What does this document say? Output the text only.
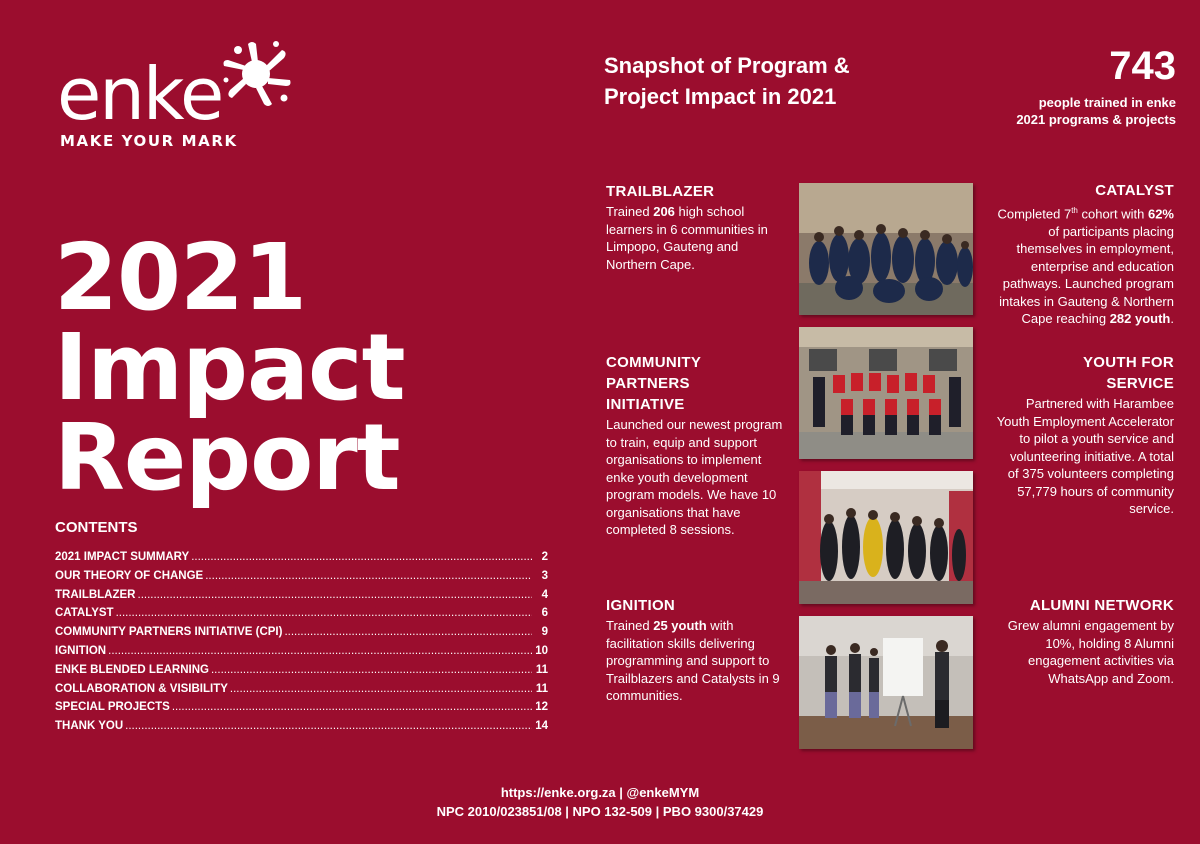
enke
MAKE YOUR MARK
2021
Impact
Report
CONTENTS
2021 IMPACT SUMMARY .....	2
OUR THEORY OF CHANGE .....	3
TRAILBLAZER .....	4
CATALYST .....	6
COMMUNITY PARTNERS INITIATIVE (CPI) .....	9
IGNITION .....	10
ENKE BLENDED LEARNING .....	11
COLLABORATION & VISIBILITY .....	11
SPECIAL PROJECTS .....	12
THANK YOU .....	14
Snapshot of Program &
Project Impact in 2021
743
people trained in enke
2021 programs & projects
TRAILBLAZER
Trained 206 high school learners in 6 communities in Limpopo, Gauteng and Northern Cape.
COMMUNITY
PARTNERS
INITIATIVE
Launched our newest program to train, equip and support organisations to implement enke youth development program models. We have 10 organisations that have completed 8 sessions.
IGNITION
Trained 25 youth with facilitation skills delivering programming and support to Trailblazers and Catalysts in 9 communities.
CATALYST
Completed 7th cohort with 62% of participants placing themselves in employment, enterprise and education pathways. Launched program intakes in Gauteng & Northern Cape reaching 282 youth.
YOUTH FOR
SERVICE
Partnered with Harambee Youth Employment Accelerator to pilot a youth service and volunteering initiative. A total of 375 volunteers completing 57,779 hours of community service.
ALUMNI NETWORK
Grew alumni engagement by 10%, holding 8 Alumni engagement activities via WhatsApp and Zoom.
https://enke.org.za | @enkeMYM
NPC 2010/023851/08 | NPO 132-509 | PBO 9300/37429
